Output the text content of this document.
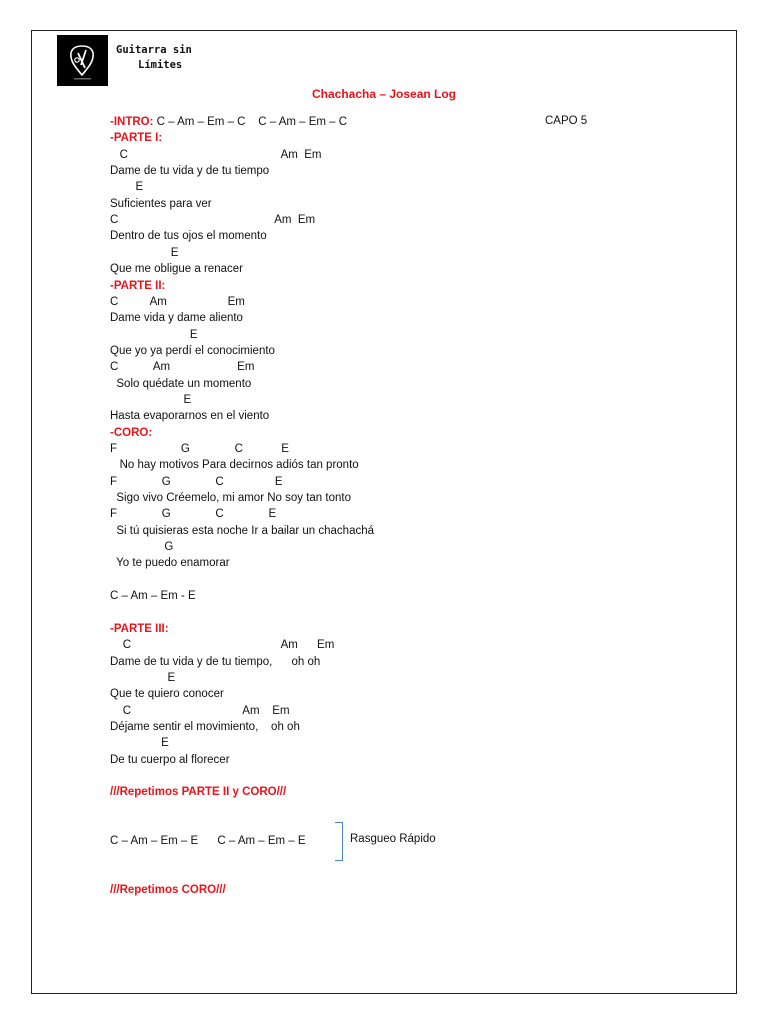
Guitarra sin
Límites
Chachacha – Josean Log
CAPO 5
-INTRO: C – Am – Em – C    C – Am – Em – C
-PARTE I:
C                                                Am  Em
Dame de tu vida y de tu tiempo
E
Suficientes para ver
C                                                 Am  Em
Dentro de tus ojos el momento
E
Que me obligue a renacer
-PARTE II:
C          Am                   Em
Dame vida y dame aliento
E
Que yo ya perdí el conocimiento
C           Am                     Em
Solo quédate un momento
E
Hasta evaporarnos en el viento
-CORO:
F                    G              C            E
No hay motivos Para decirnos adiós tan pronto
F              G              C                E
Sigo vivo Créemelo, mi amor No soy tan tonto
F              G              C              E
Si tú quisieras esta noche Ir a bailar un chachachá
G
Yo te puedo enamorar
C – Am – Em - E
-PARTE III:
C                                               Am      Em
Dame de tu vida y de tu tiempo,      oh oh
E
Que te quiero conocer
C                                   Am    Em
Déjame sentir el movimiento,    oh oh
E
De tu cuerpo al florecer
///Repetimos PARTE II y CORO///
C – Am – Em – E      C – Am – Em – E
///Repetimos CORO///
Rasgueo Rápido
